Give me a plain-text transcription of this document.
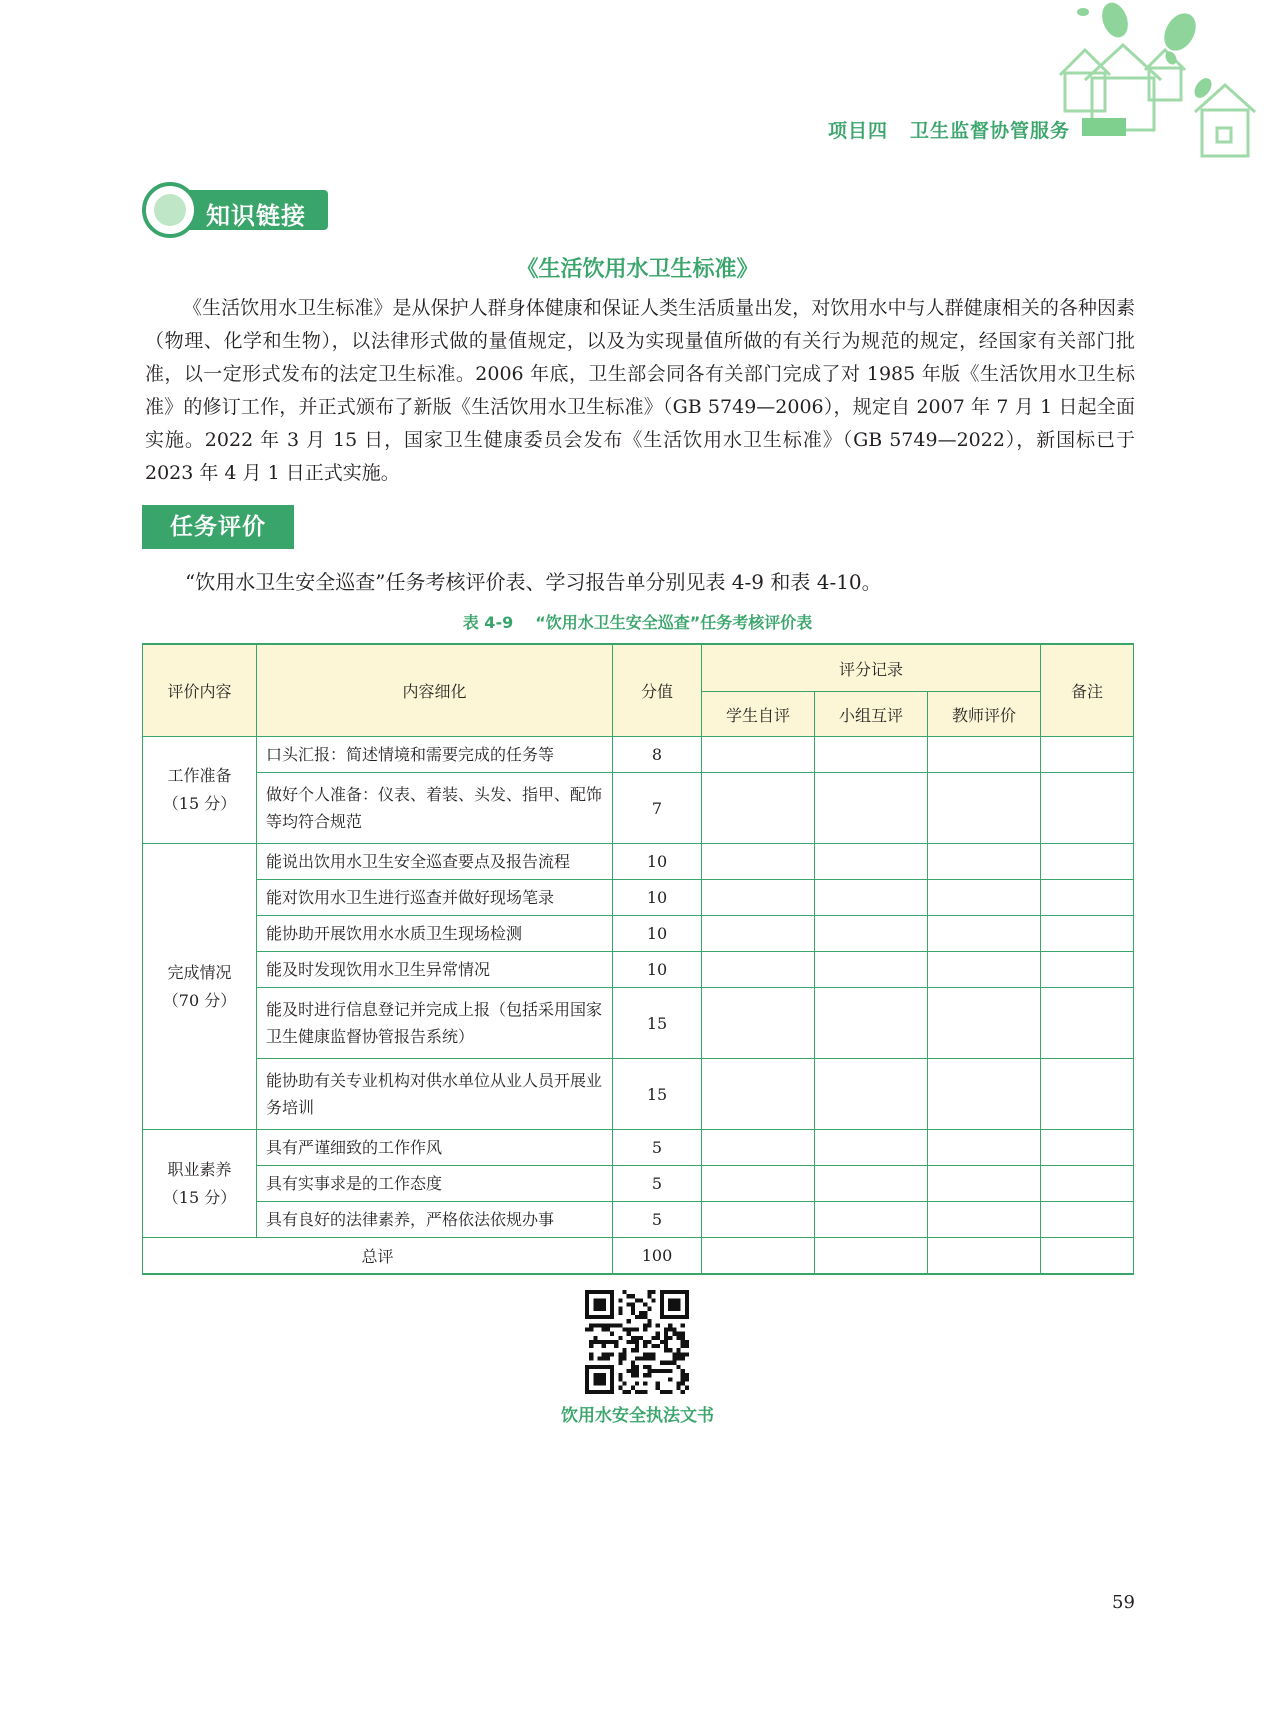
项目四 卫生监督协管服务
知识链接
《生活饮用水卫生标准》
《生活饮用水卫生标准》是从保护人群身体健康和保证人类生活质量出发，对饮用水中与人群健康相关的各种因素（物理、化学和生物），以法律形式做的量值规定，以及为实现量值所做的有关行为规范的规定，经国家有关部门批准，以一定形式发布的法定卫生标准。2006 年底，卫生部会同各有关部门完成了对 1985 年版《生活饮用水卫生标准》的修订工作，并正式颁布了新版《生活饮用水卫生标准》（GB 5749—2006），规定自 2007 年 7 月 1 日起全面实施。2022 年 3 月 15 日，国家卫生健康委员会发布《生活饮用水卫生标准》（GB 5749—2022），新国标已于 2023 年 4 月 1 日正式实施。
任务评价
“饮用水卫生安全巡查”任务考核评价表、学习报告单分别见表 4-9 和表 4-10。
表 4-9 “饮用水卫生安全巡查”任务考核评价表
评价内容	内容细化	分值	评分记录			备注
			学生自评	小组互评	教师评价	
工作准备
（15 分）	口头汇报：简述情境和需要完成的任务等	8				
	做好个人准备：仪表、着装、头发、指甲、配饰等均符合规范	7				
完成情况
（70 分）	能说出饮用水卫生安全巡查要点及报告流程	10				
	能对饮用水卫生进行巡查并做好现场笔录	10				
	能协助开展饮用水水质卫生现场检测	10				
	能及时发现饮用水卫生异常情况	10				
	能及时进行信息登记并完成上报（包括采用国家卫生健康监督协管报告系统）	15				
	能协助有关专业机构对供水单位从业人员开展业务培训	15				
职业素养
（15 分）	具有严谨细致的工作作风	5				
	具有实事求是的工作态度	5				
	具有良好的法律素养，严格依法依规办事	5				
总评		100				
饮用水安全执法文书
59
